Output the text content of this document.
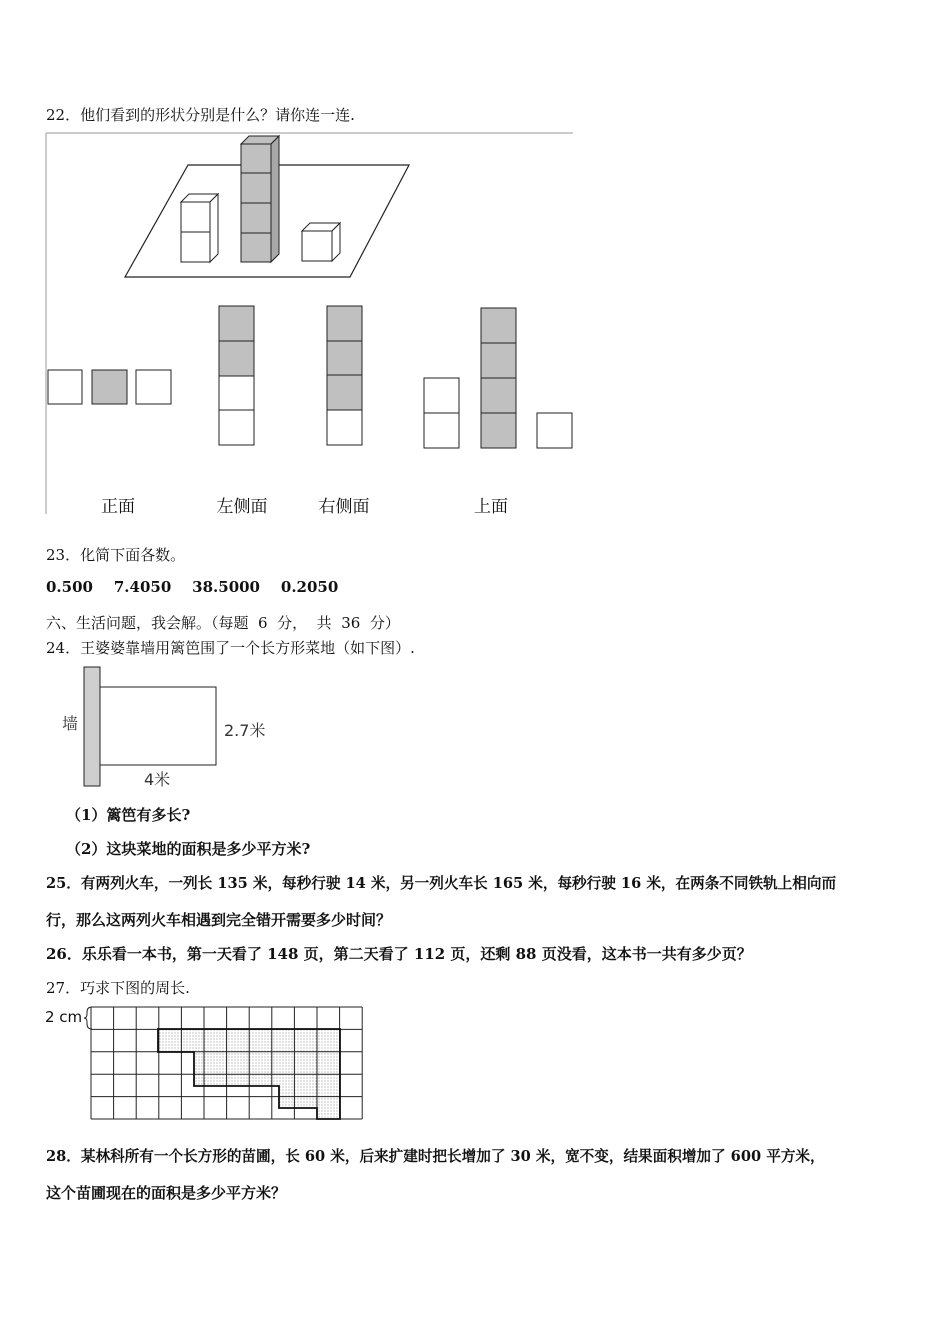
22．他们看到的形状分别是什么？请你连一连.
正面	左侧面	右侧面	上面
23．化简下面各数。
0.500    7.4050    38.5000    0.2050
六、生活问题，我会解。（每题  6  分，  共  36  分）
24．王婆婆靠墙用篱笆围了一个长方形菜地（如下图）.
墙	2.7米
4米
（1）篱笆有多长?
（2）这块菜地的面积是多少平方米?
25．有两列火车，一列长 135 米，每秒行驶 14 米，另一列火车长 165 米，每秒行驶 16 米，在两条不同铁轨上相向而
行，那么这两列火车相遇到完全错开需要多少时间？
26．乐乐看一本书，第一天看了 148 页，第二天看了 112 页，还剩 88 页没看，这本书一共有多少页？
27．巧求下图的周长.
2 cm
28．某林科所有一个长方形的苗圃，长 60 米，后来扩建时把长增加了 30 米，宽不变，结果面积增加了 600 平方米，
这个苗圃现在的面积是多少平方米？
